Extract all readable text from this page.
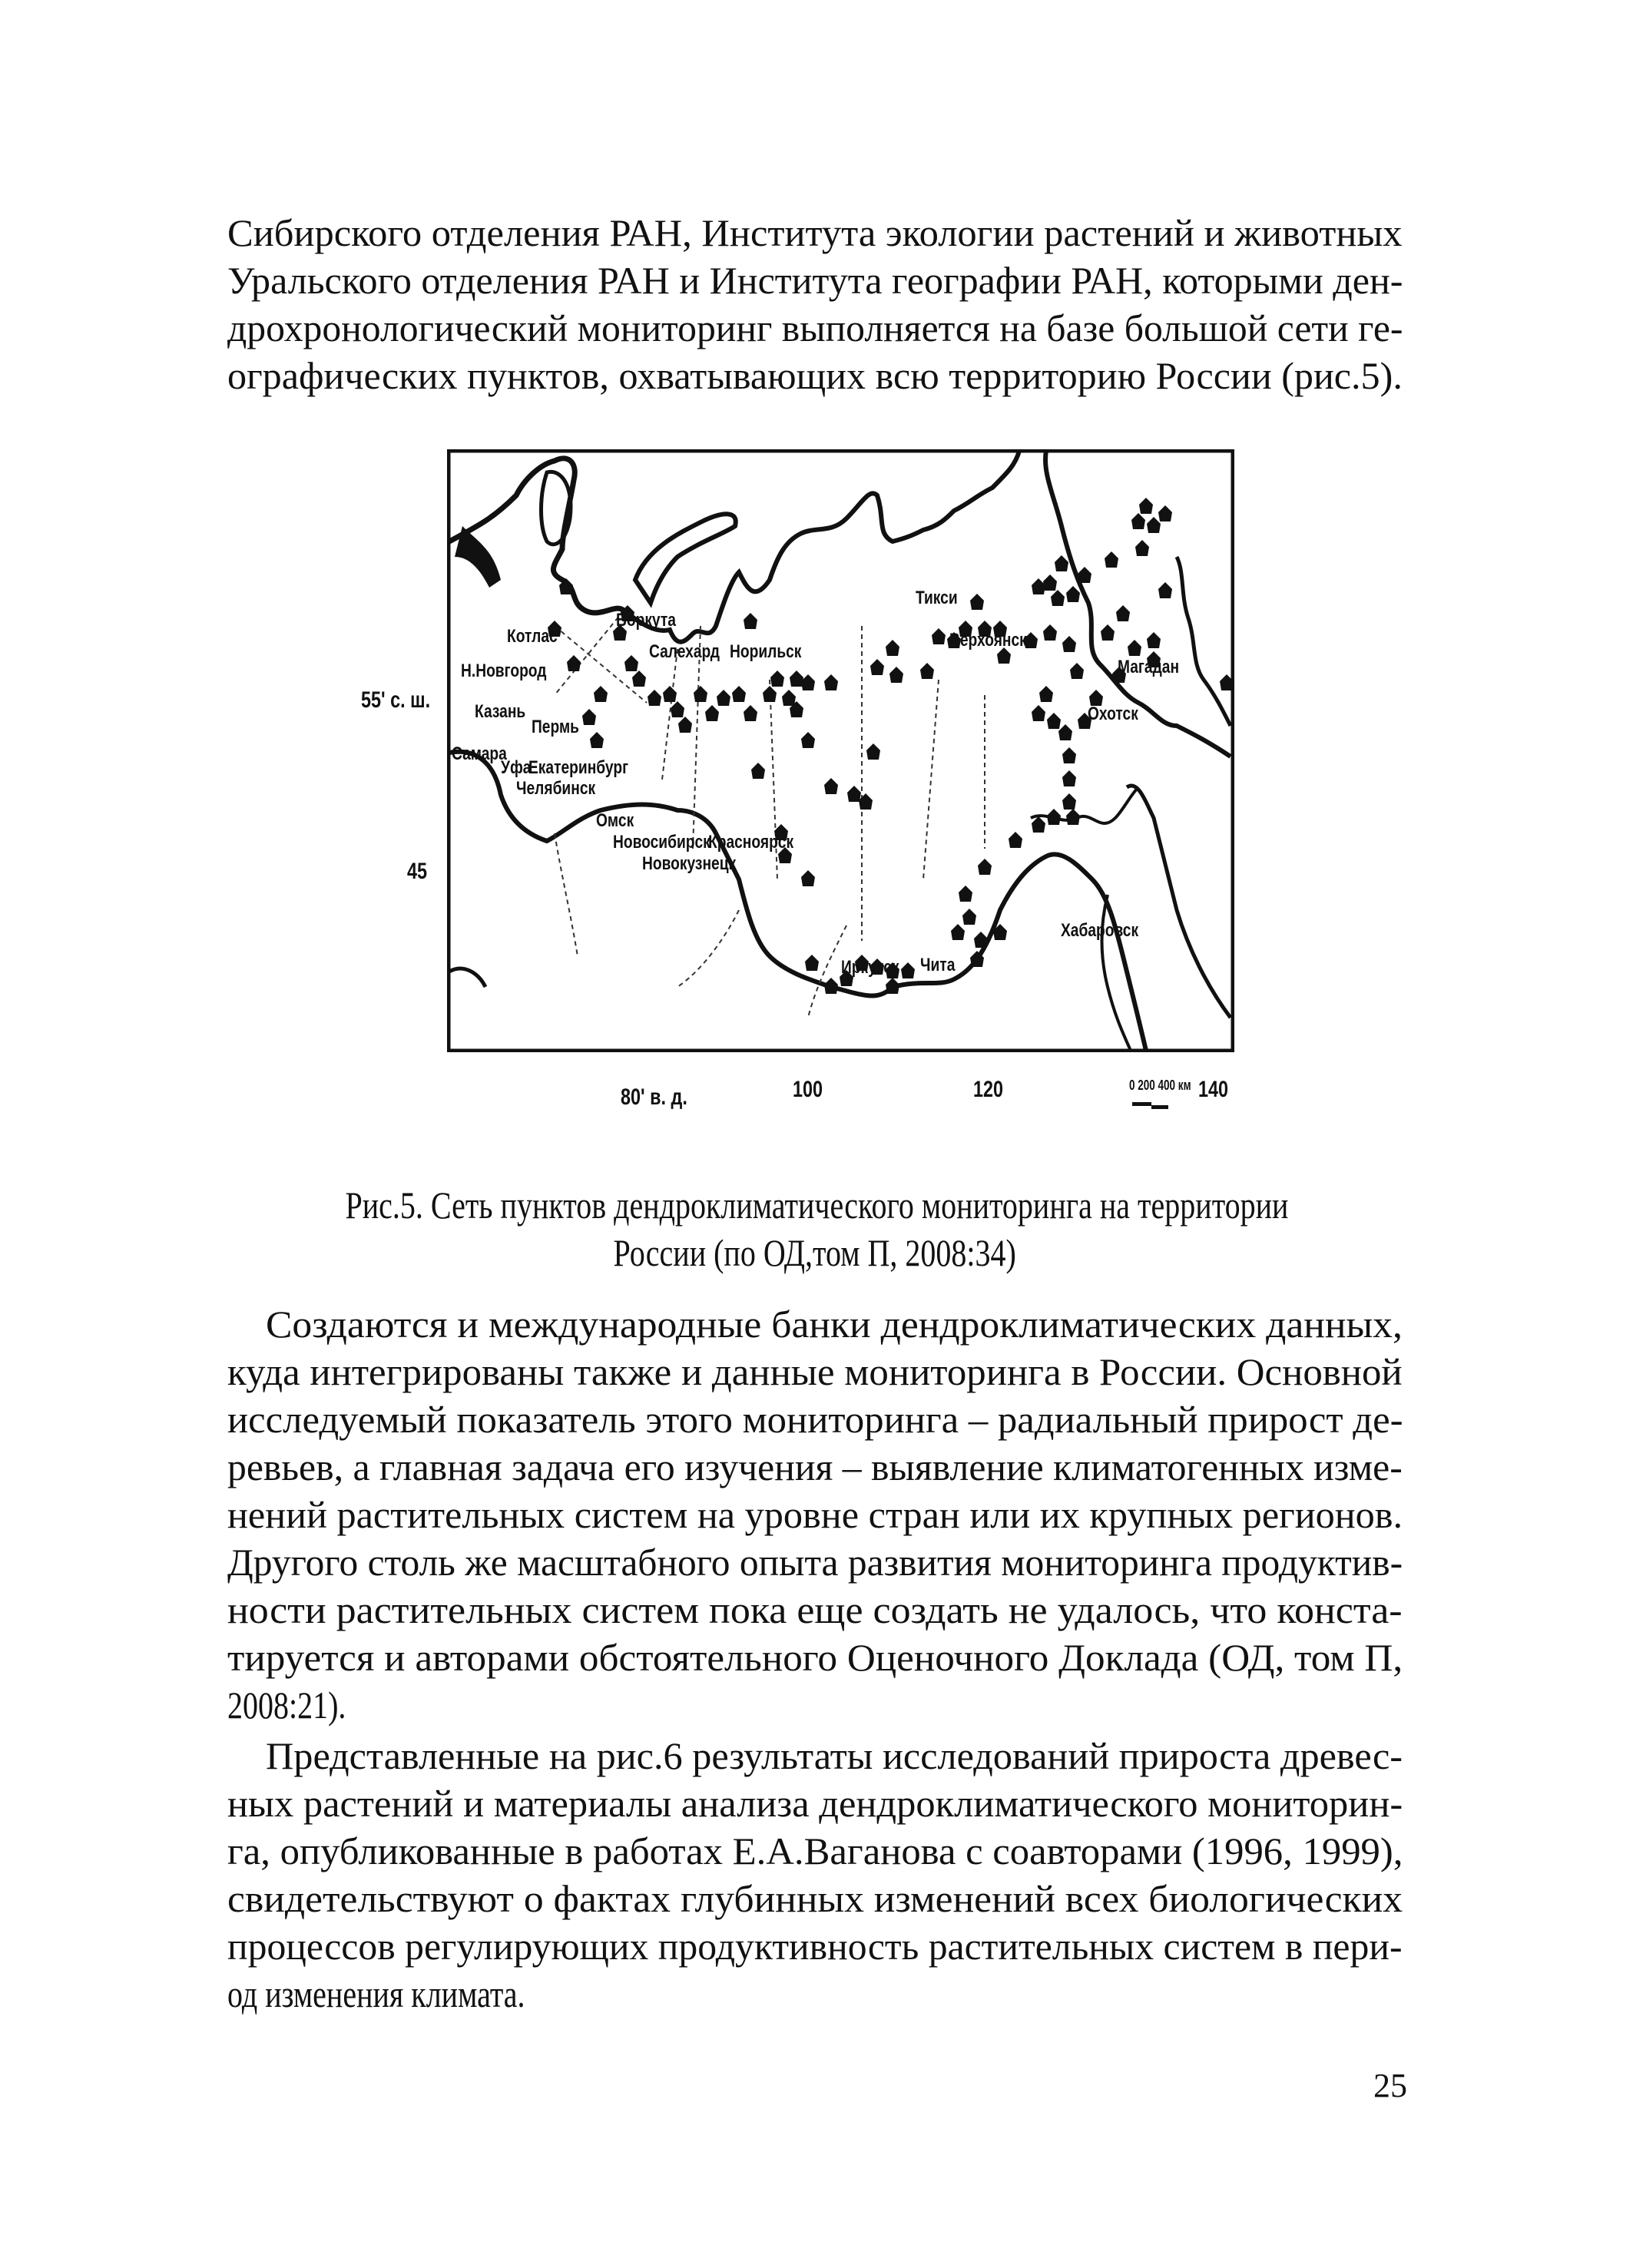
Сибирского отделения РАН, Института экологии растений и животных
Уральского отделения РАН и Института географии РАН, которыми ден-
дрохронологический мониторинг выполняется на базе большой сети ге-
ографических пунктов, охватывающих всю территорию России (рис.5).
55' с. ш.
45
80' в. д.	100	120	140
Котлас
Воркута
Салехард Норильск
Тикси
Верхоянск
Магадан
Охотск
Н.Новгород
Казань
Пермь
Самара
Уфа
Екатеринбург
Челябинск
Омск
Новосибирск
Красноярск
Новокузнецк
Иркутск Чита
Хабаровск
0 200 400 км
Рис.5. Сеть пунктов дендроклиматического мониторинга на территории
России (по ОД,том П, 2008:34)
Создаются и международные банки дендроклиматических данных,
куда интегрированы также и данные мониторинга в России. Основной
исследуемый показатель этого мониторинга – радиальный прирост де-
ревьев, а главная задача его изучения – выявление климатогенных изме-
нений растительных систем на уровне стран или их крупных регионов.
Другого столь же масштабного опыта развития мониторинга продуктив-
ности растительных систем пока еще создать не удалось, что конста-
тируется и авторами обстоятельного Оценочного Доклада (ОД, том П,
2008:21).
Представленные на рис.6 результаты исследований прироста древес-
ных растений и материалы анализа дендроклиматического мониторин-
га, опубликованные в работах Е.А.Ваганова с соавторами (1996, 1999),
свидетельствуют о фактах глубинных изменений всех биологических
процессов регулирующих продуктивность растительных систем в пери-
од изменения климата.
25
